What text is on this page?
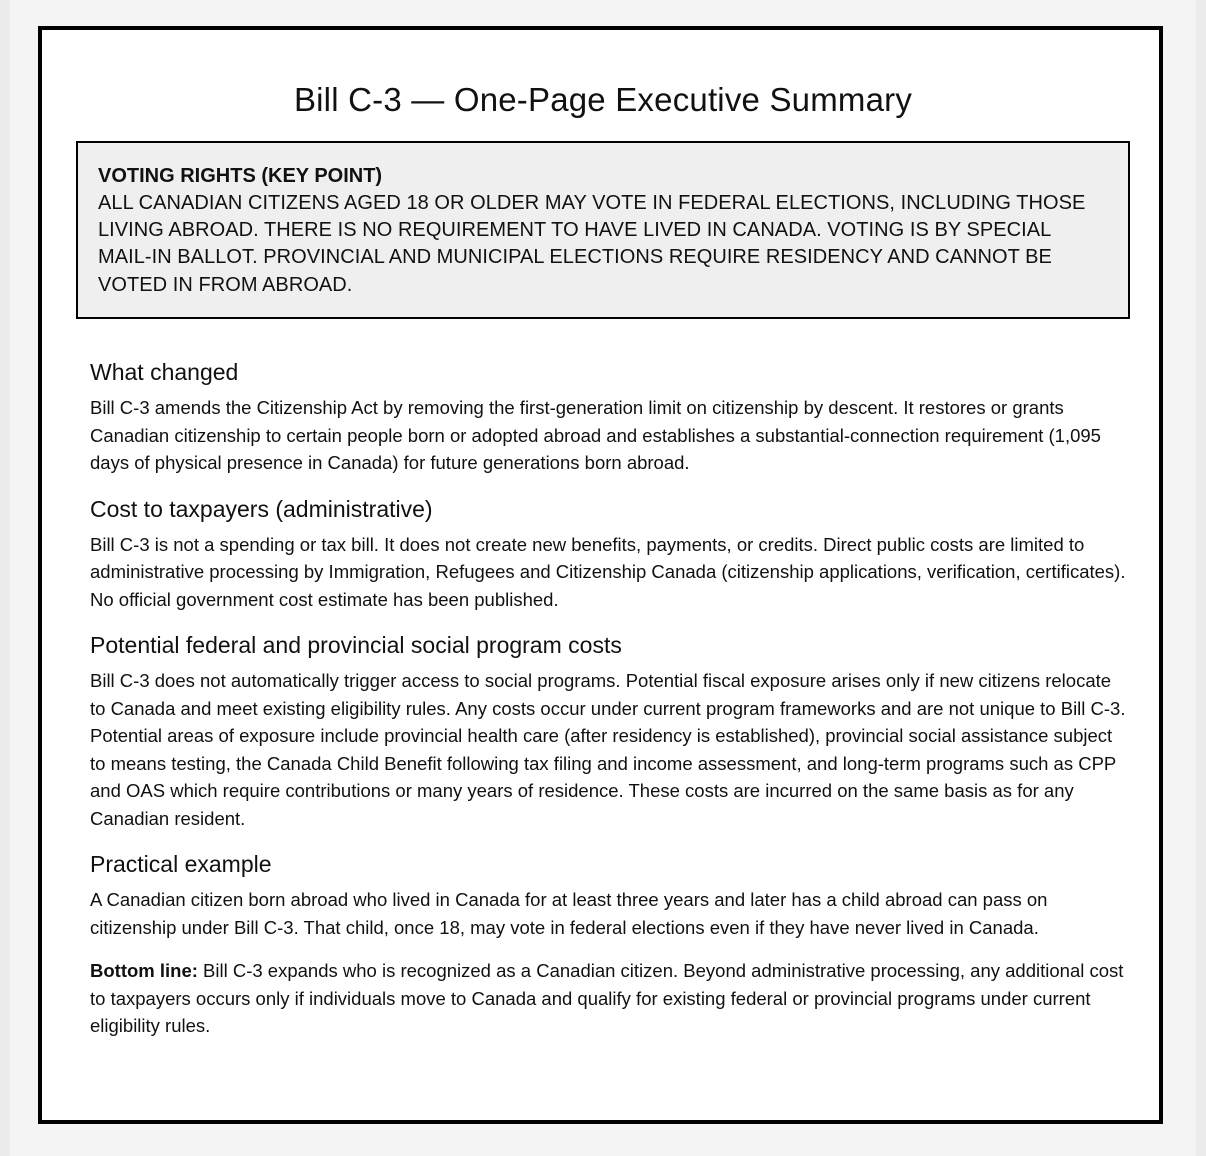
Bill C-3 — One-Page Executive Summary

VOTING RIGHTS (KEY POINT)

ALL CANADIAN CITIZENS AGED 18 OR OLDER MAY VOTE IN FEDERAL ELECTIONS, INCLUDING THOSE LIVING ABROAD. THERE IS NO REQUIREMENT TO HAVE LIVED IN CANADA. VOTING IS BY SPECIAL MAIL-IN BALLOT. PROVINCIAL AND MUNICIPAL ELECTIONS REQUIRE RESIDENCY AND CANNOT BE VOTED IN FROM ABROAD.

What changed

Bill C-3 amends the Citizenship Act by removing the first-generation limit on citizenship by descent. It restores or grants Canadian citizenship to certain people born or adopted abroad and establishes a substantial-connection requirement (1,095 days of physical presence in Canada) for future generations born abroad.

Cost to taxpayers (administrative)

Bill C-3 is not a spending or tax bill. It does not create new benefits, payments, or credits. Direct public costs are limited to administrative processing by Immigration, Refugees and Citizenship Canada (citizenship applications, verification, certificates). No official government cost estimate has been published.

Potential federal and provincial social program costs

Bill C-3 does not automatically trigger access to social programs. Potential fiscal exposure arises only if new citizens relocate to Canada and meet existing eligibility rules. Any costs occur under current program frameworks and are not unique to Bill C-3.

Potential areas of exposure include provincial health care (after residency is established), provincial social assistance subject to means testing, the Canada Child Benefit following tax filing and income assessment, and long-term programs such as CPP and OAS which require contributions or many years of residence. These costs are incurred on the same basis as for any Canadian resident.

Practical example

A Canadian citizen born abroad who lived in Canada for at least three years and later has a child abroad can pass on citizenship under Bill C-3. That child, once 18, may vote in federal elections even if they have never lived in Canada.

Bottom line: Bill C-3 expands who is recognized as a Canadian citizen. Beyond administrative processing, any additional cost to taxpayers occurs only if individuals move to Canada and qualify for existing federal or provincial programs under current eligibility rules.
